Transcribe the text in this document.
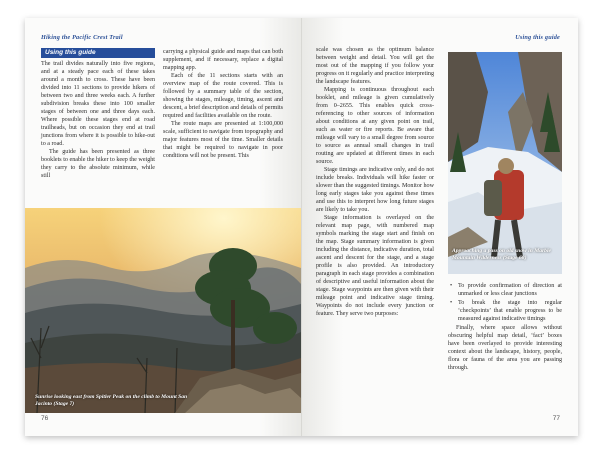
Hiking the Pacific Crest Trail
Using this guide

The trail divides naturally into five regions, and at a steady pace each of these takes around a month to cross. These have been divided into 11 sections to provide hikers of between two and three weeks each. A further subdivision breaks these into 100 smaller stages of between one and three days each. Where possible these stages end at road trailheads, but on occasion they end at trail junctions from where it is possible to hike-out to a road.

The guide has been presented as three booklets to enable the hiker to keep the weight they carry to the absolute minimum, while still

carrying a physical guide and maps that can both supplement, and if necessary, replace a digital mapping app.

Each of the 11 sections starts with an overview map of the route covered. This is followed by a summary table of the section, showing the stages, mileage, timing, ascent and descent, a brief description and details of permits required and facilities available on the route.

The route maps are presented at 1:100,000 scale, sufficient to navigate from topography and major features most of the time. Smaller details that might be required to navigate in poor conditions will not be present. This

Sunrise looking east from Spitler Peak on the climb to Mount San Jacinto (Stage 7)
76
Using this guide

scale was chosen as the optimum balance between weight and detail. You will get the most out of the mapping if you follow your progress on it regularly and practice interpreting the landscape features.

Mapping is continuous throughout each booklet, and mileage is given cumulatively from 0–2655. This enables quick cross-referencing to other sources of information about conditions at any given point on trail, such as water or fire reports. Be aware that mileage will vary to a small degree from source to source as annual small changes in trail routing are updated at different times in each source.

Stage timings are indicative only, and do not include breaks. Individuals will hike faster or slower than the suggested timings. Monitor how long early stages take you against these times and use this to interpret how long future stages are likely to take you.

Stage information is overlayed on the relevant map page, with numbered map symbols marking the stage start and finish on the map. Stage summary information is given including the distance, indicative duration, total ascent and descent for the stage, and a stage profile is also provided. An introductory paragraph in each stage provides a combination of descriptive and useful information about the stage. Stage waypoints are then given with their mileage point and indicative stage timing. Waypoints do not include every junction or feature. They serve two purposes:

Approaching a pass on old snow in Marble Mountain Wilderness (Stage 68)
• To provide confirmation of direction at unmarked or less clear junctions
• To break the stage into regular ‘checkpoints’ that enable progress to be measured against indicative timings

Finally, where space allows without obscuring helpful map detail, ‘fact’ boxes have been overlayed to provide interesting context about the landscape, history, people, flora or fauna of the area you are passing through.

77
